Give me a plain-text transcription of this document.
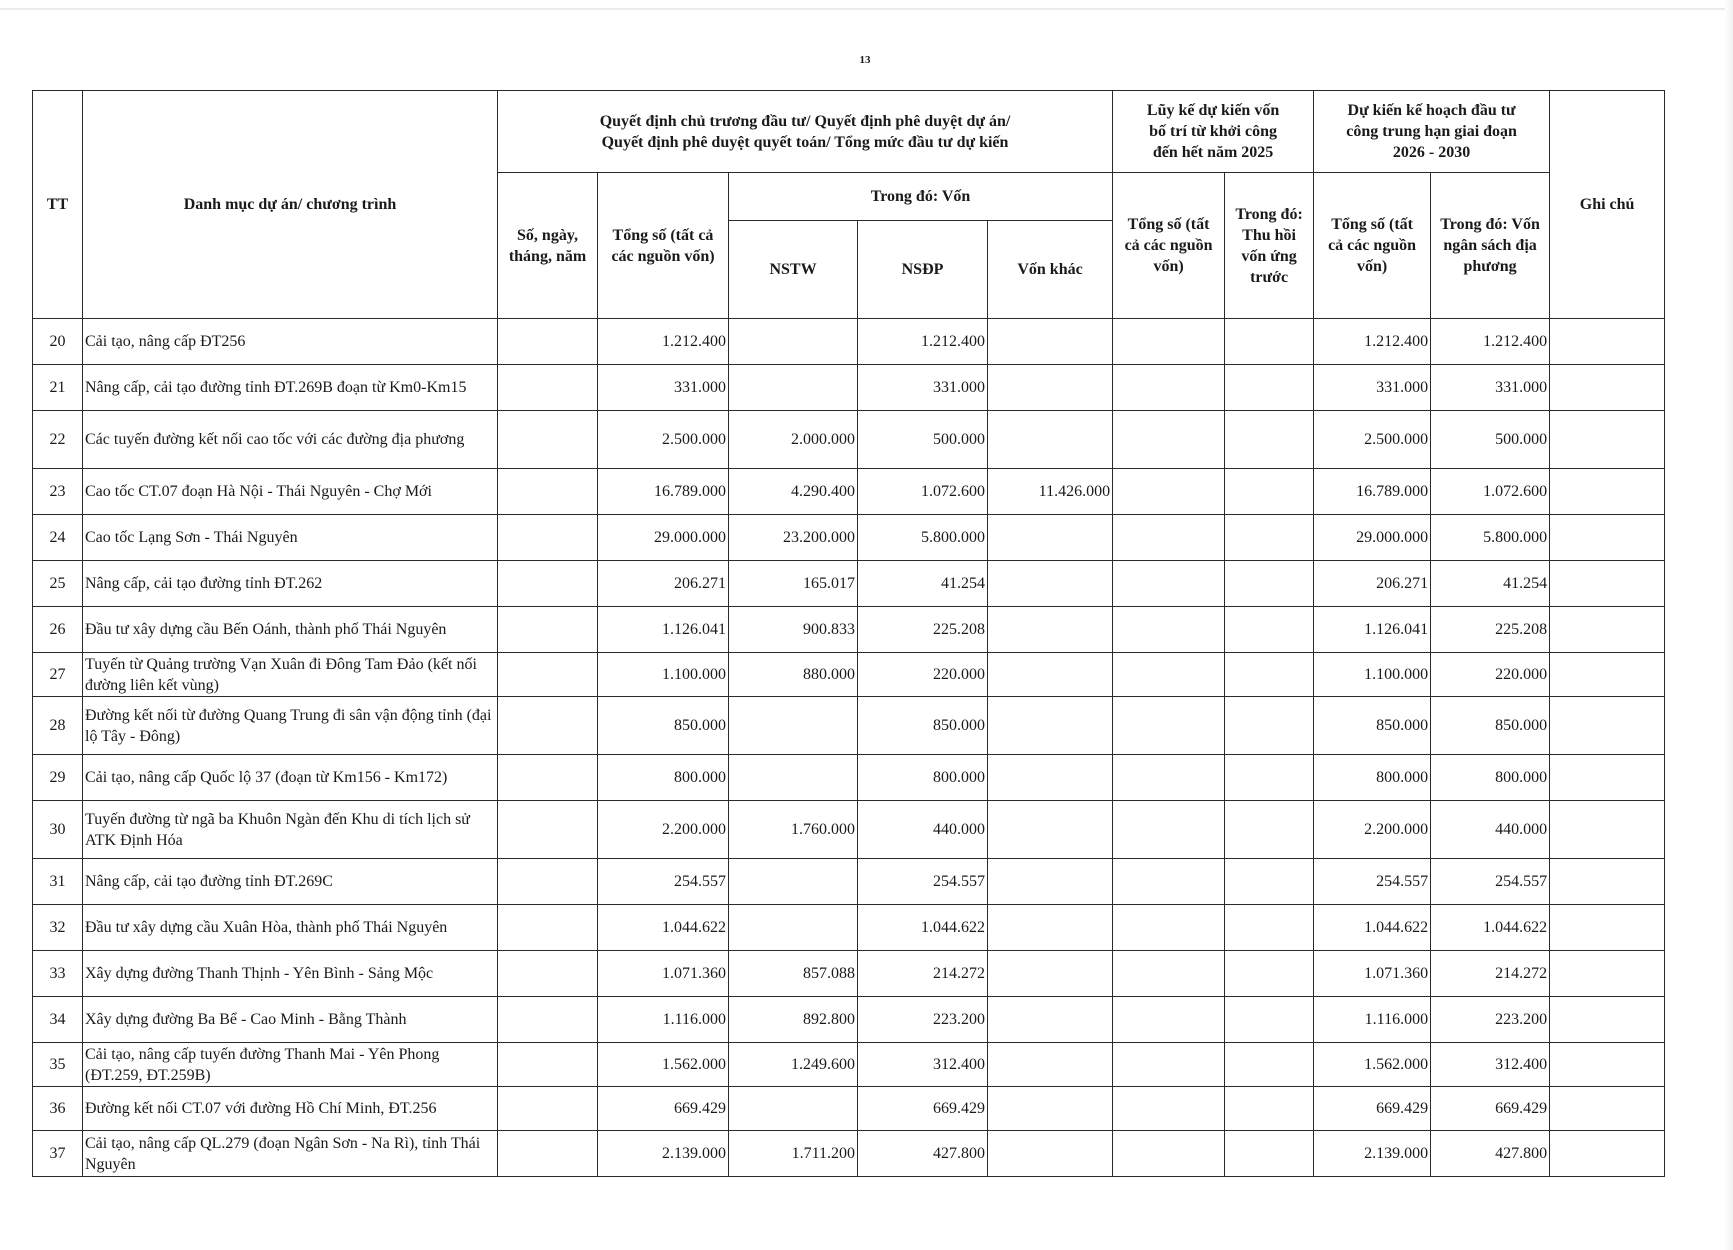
13
TT	Danh mục dự án/ chương trình	Quyết định chủ trương đầu tư/ Quyết định phê duyệt dự án/ Quyết định phê duyệt quyết toán/ Tổng mức đầu tư dự kiến					Lũy kế dự kiến vốn bố trí từ khởi công đến hết năm 2025		Dự kiến kế hoạch đầu tư công trung hạn giai đoạn 2026 - 2030		Ghi chú
		Số, ngày, tháng, năm	Tổng số (tất cả các nguồn vốn)	Trong đó: Vốn			Tổng số (tất cả các nguồn vốn)	Trong đó: Thu hồi vốn ứng trước	Tổng số (tất cả các nguồn vốn)	Trong đó: Vốn ngân sách địa phương	
				NSTW	NSĐP	Vốn khác					
20	Cải tạo, nâng cấp ĐT256		1.212.400		1.212.400				1.212.400	1.212.400	
21	Nâng cấp, cải tạo đường tỉnh ĐT.269B đoạn từ Km0-Km15		331.000		331.000				331.000	331.000	
22	Các tuyến đường kết nối cao tốc với các đường địa phương		2.500.000	2.000.000	500.000				2.500.000	500.000	
23	Cao tốc CT.07 đoạn Hà Nội - Thái Nguyên - Chợ Mới		16.789.000	4.290.400	1.072.600	11.426.000			16.789.000	1.072.600	
24	Cao tốc Lạng Sơn - Thái Nguyên		29.000.000	23.200.000	5.800.000				29.000.000	5.800.000	
25	Nâng cấp, cải tạo đường tỉnh ĐT.262		206.271	165.017	41.254				206.271	41.254	
26	Đầu tư xây dựng cầu Bến Oánh, thành phố Thái Nguyên		1.126.041	900.833	225.208				1.126.041	225.208	
27	Tuyến từ Quảng trường Vạn Xuân đi Đông Tam Đảo (kết nối đường liên kết vùng)		1.100.000	880.000	220.000				1.100.000	220.000	
28	Đường kết nối từ đường Quang Trung đi sân vận động tỉnh (đại lộ Tây - Đông)		850.000		850.000				850.000	850.000	
29	Cải tạo, nâng cấp Quốc lộ 37 (đoạn từ Km156 - Km172)		800.000		800.000				800.000	800.000	
30	Tuyến đường từ ngã ba Khuôn Ngàn đến Khu di tích lịch sử ATK Định Hóa		2.200.000	1.760.000	440.000				2.200.000	440.000	
31	Nâng cấp, cải tạo đường tỉnh ĐT.269C		254.557		254.557				254.557	254.557	
32	Đầu tư xây dựng cầu Xuân Hòa, thành phố Thái Nguyên		1.044.622		1.044.622				1.044.622	1.044.622	
33	Xây dựng đường Thanh Thịnh - Yên Bình - Sảng Mộc		1.071.360	857.088	214.272				1.071.360	214.272	
34	Xây dựng đường Ba Bể - Cao Minh - Bằng Thành		1.116.000	892.800	223.200				1.116.000	223.200	
35	Cải tạo, nâng cấp tuyến đường Thanh Mai - Yên Phong (ĐT.259, ĐT.259B)		1.562.000	1.249.600	312.400				1.562.000	312.400	
36	Đường kết nối CT.07 với đường Hồ Chí Minh, ĐT.256		669.429		669.429				669.429	669.429	
37	Cải tạo, nâng cấp QL.279 (đoạn Ngân Sơn - Na Rì), tỉnh Thái Nguyên		2.139.000	1.711.200	427.800				2.139.000	427.800	
